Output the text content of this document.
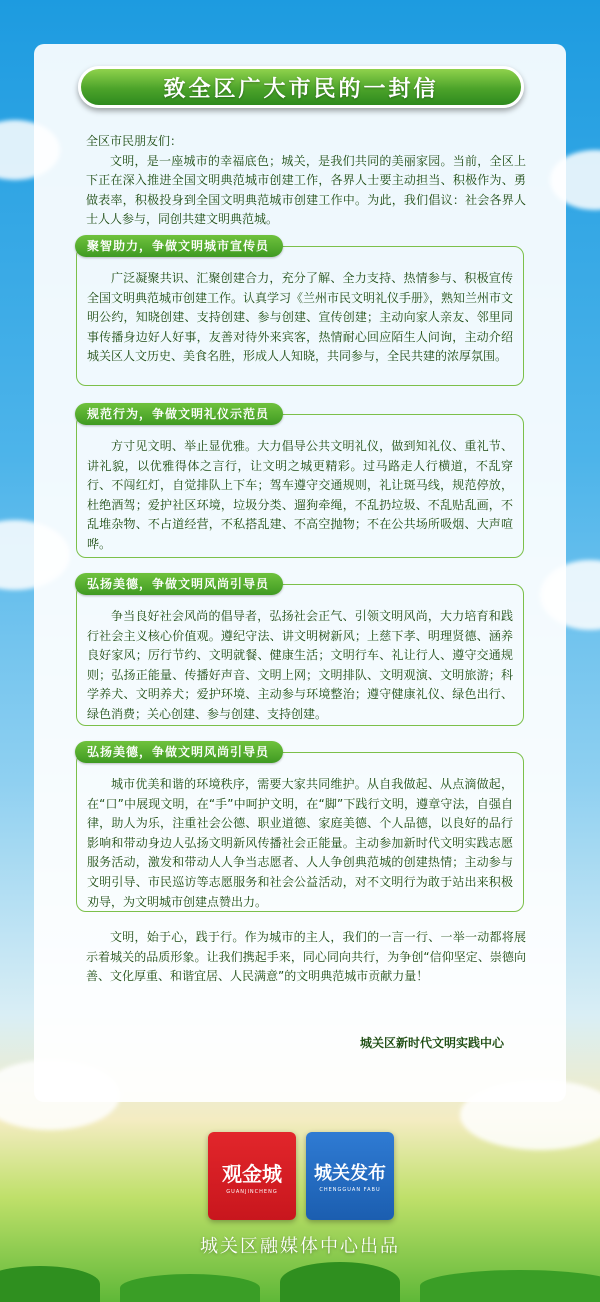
致全区广大市民的一封信
全区市民朋友们：
文明，是一座城市的幸福底色；城关，是我们共同的美丽家园。当前，全区上下正在深入推进全国文明典范城市创建工作，各界人士要主动担当、积极作为、勇做表率，积极投身到全国文明典范城市创建工作中。为此，我们倡议：社会各界人士人人参与，同创共建文明典范城。
聚智助力，争做文明城市宣传员
广泛凝聚共识、汇聚创建合力，充分了解、全力支持、热情参与、积极宣传全国文明典范城市创建工作。认真学习《兰州市民文明礼仪手册》，熟知兰州市文明公约，知晓创建、支持创建、参与创建、宣传创建；主动向家人亲友、邻里同事传播身边好人好事，友善对待外来宾客，热情耐心回应陌生人问询，主动介绍城关区人文历史、美食名胜，形成人人知晓，共同参与，全民共建的浓厚氛围。
规范行为，争做文明礼仪示范员
方寸见文明、举止显优雅。大力倡导公共文明礼仪，做到知礼仪、重礼节、讲礼貌，以优雅得体之言行，让文明之城更精彩。过马路走人行横道，不乱穿行、不闯红灯，自觉排队上下车；驾车遵守交通规则，礼让斑马线，规范停放，杜绝酒驾；爱护社区环境，垃圾分类、遛狗牵绳，不乱扔垃圾、不乱贴乱画，不乱堆杂物、不占道经营，不私搭乱建、不高空抛物；不在公共场所吸烟、大声喧哗。
弘扬美德，争做文明风尚引导员
争当良好社会风尚的倡导者，弘扬社会正气、引领文明风尚，大力培育和践行社会主义核心价值观。遵纪守法、讲文明树新风；上慈下孝、明理贤德、涵养良好家风；厉行节约、文明就餐、健康生活；文明行车、礼让行人、遵守交通规则；弘扬正能量、传播好声音、文明上网；文明排队、文明观演、文明旅游；科学养犬、文明养犬；爱护环境、主动参与环境整治；遵守健康礼仪、绿色出行、绿色消费；关心创建、参与创建、支持创建。
弘扬美德，争做文明风尚引导员
城市优美和谐的环境秩序，需要大家共同维护。从自我做起、从点滴做起，在“口”中展现文明，在“手”中呵护文明，在“脚”下践行文明，遵章守法，自强自律，助人为乐，注重社会公德、职业道德、家庭美德、个人品德，以良好的品行影响和带动身边人弘扬文明新风传播社会正能量。主动参加新时代文明实践志愿服务活动，激发和带动人人争当志愿者、人人争创典范城的创建热情；主动参与文明引导、市民巡访等志愿服务和社会公益活动，对不文明行为敢于站出来积极劝导，为文明城市创建点赞出力。
文明，始于心，践于行。作为城市的主人，我们的一言一行、一举一动都将展示着城关的品质形象。让我们携起手来，同心同向共行，为争创“信仰坚定、崇德向善、文化厚重、和谐宜居、人民满意”的文明典范城市贡献力量！
城关区新时代文明实践中心
观金城
GUANJINCHENG
城关发布
CHENGGUAN FABU
城关区融媒体中心出品
